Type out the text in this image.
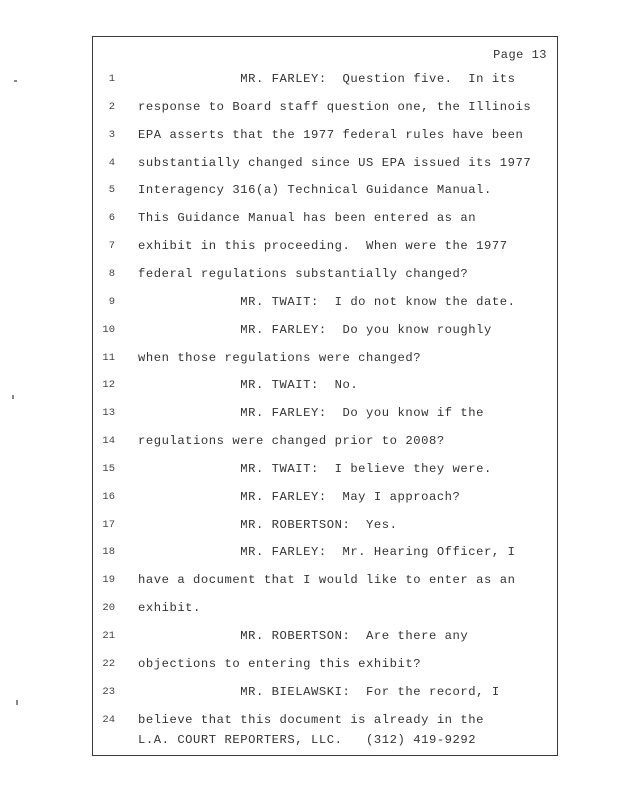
Page 13
1 MR. FARLEY:  Question five.  In its
2 response to Board staff question one, the Illinois
3 EPA asserts that the 1977 federal rules have been
4 substantially changed since US EPA issued its 1977
5 Interagency 316(a) Technical Guidance Manual.
6 This Guidance Manual has been entered as an
7 exhibit in this proceeding.  When were the 1977
8 federal regulations substantially changed?
9 MR. TWAIT:  I do not know the date.
10 MR. FARLEY:  Do you know roughly
11 when those regulations were changed?
12 MR. TWAIT:  No.
13 MR. FARLEY:  Do you know if the
14 regulations were changed prior to 2008?
15 MR. TWAIT:  I believe they were.
16 MR. FARLEY:  May I approach?
17 MR. ROBERTSON:  Yes.
18 MR. FARLEY:  Mr. Hearing Officer, I
19 have a document that I would like to enter as an
20 exhibit.
21 MR. ROBERTSON:  Are there any
22 objections to entering this exhibit?
23 MR. BIELAWSKI:  For the record, I
24 believe that this document is already in the
L.A. COURT REPORTERS, LLC.   (312) 419-9292
